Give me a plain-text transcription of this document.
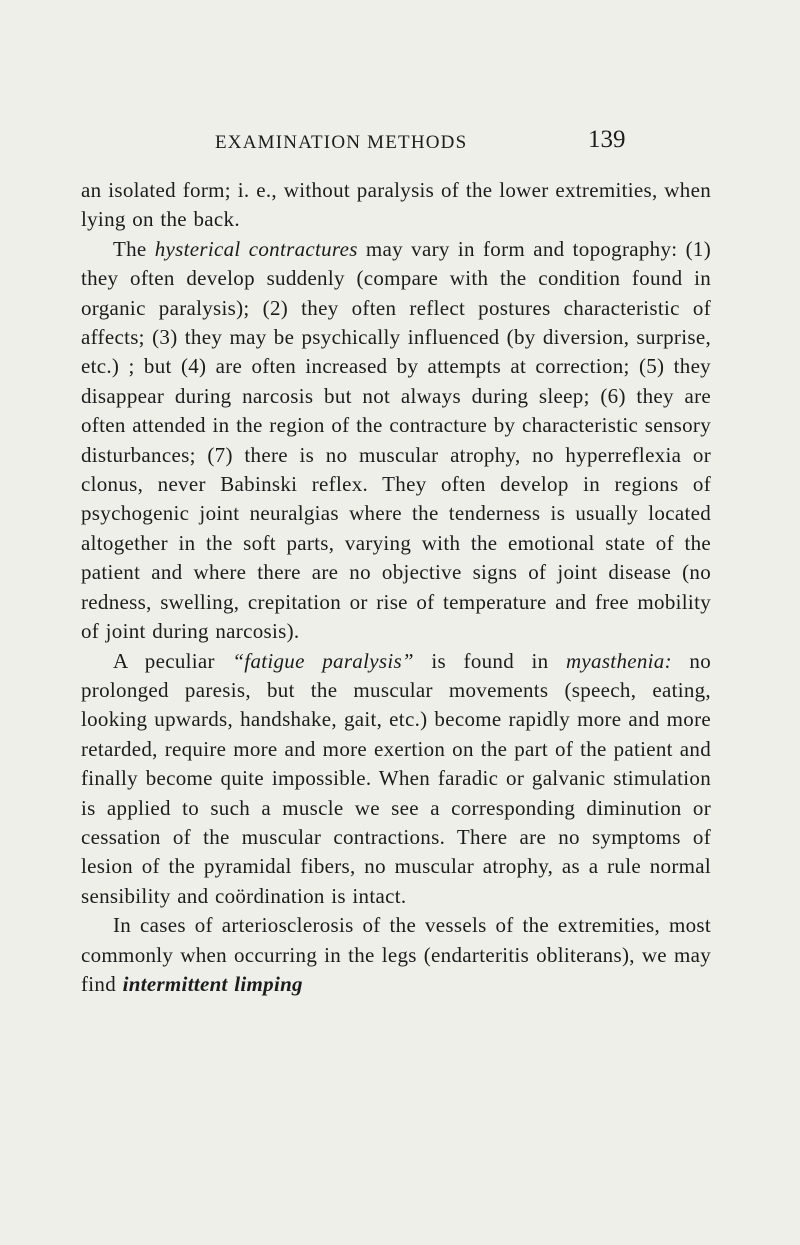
EXAMINATION METHODS	139

an isolated form; i. e., without paralysis of the lower extremities, when lying on the back.

The hysterical contractures may vary in form and topography: (1) they often develop suddenly (compare with the condition found in organic paralysis); (2) they often reflect postures characteristic of affects; (3) they may be psychically influenced (by diversion, surprise, etc.) ; but (4) are often increased by attempts at correction; (5) they disappear during narcosis but not always during sleep; (6) they are often attended in the region of the contracture by characteristic sensory disturbances; (7) there is no muscular atrophy, no hyperreflexia or clonus, never Babinski reflex. They often develop in regions of psychogenic joint neuralgias where the tenderness is usually located altogether in the soft parts, varying with the emotional state of the patient and where there are no objective signs of joint disease (no redness, swelling, crepitation or rise of temperature and free mobility of joint during narcosis).

A peculiar “fatigue paralysis” is found in myasthenia: no prolonged paresis, but the muscular movements (speech, eating, looking upwards, handshake, gait, etc.) become rapidly more and more retarded, require more and more exertion on the part of the patient and finally become quite impossible. When faradic or galvanic stimulation is applied to such a muscle we see a corresponding diminution or cessation of the muscular contractions. There are no symptoms of lesion of the pyramidal fibers, no muscular atrophy, as a rule normal sensibility and coördination is intact.

In cases of arteriosclerosis of the vessels of the extremities, most commonly when occurring in the legs (endarteritis obliterans), we may find intermittent limping
